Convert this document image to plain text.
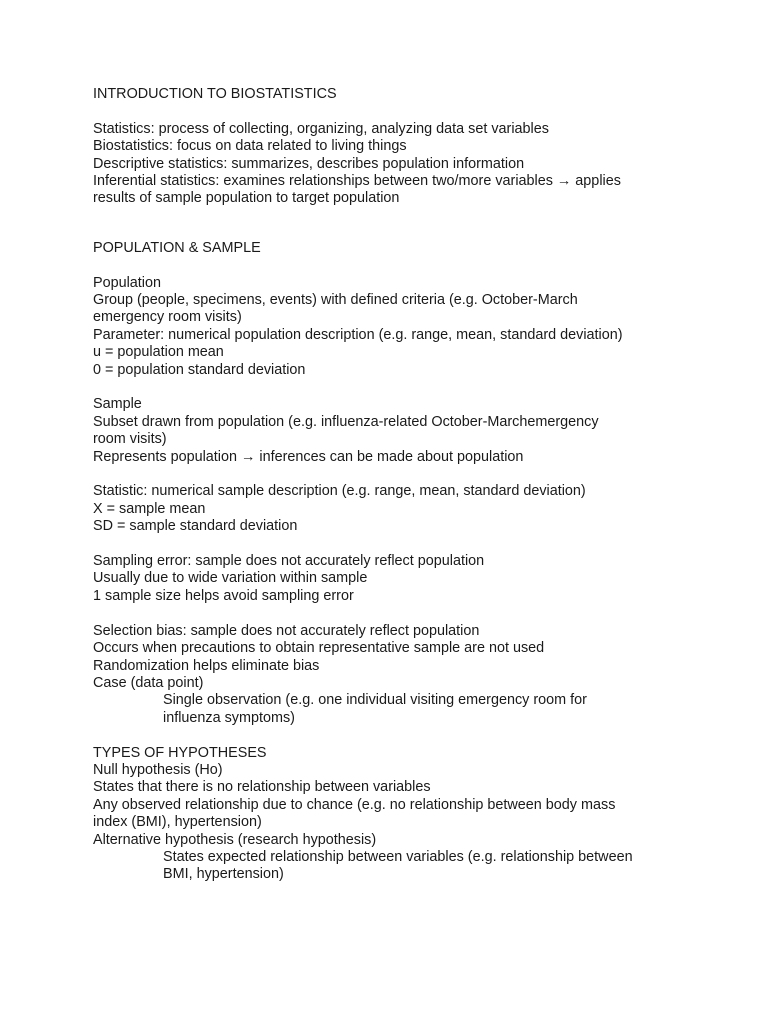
INTRODUCTION TO BIOSTATISTICS
Statistics: process of collecting, organizing, analyzing data set variables
Biostatistics: focus on data related to living things
Descriptive statistics: summarizes, describes population information
Inferential statistics: examines relationships between two/more variables → applies
results of sample population to target population
POPULATION & SAMPLE
Population
Group (people, specimens, events) with defined criteria (e.g. October-March
emergency room visits)
Parameter: numerical population description (e.g. range, mean, standard deviation)
u = population mean
0 = population standard deviation
Sample
Subset drawn from population (e.g. influenza-related October-Marchemergency
room visits)
Represents population → inferences can be made about population
Statistic: numerical sample description (e.g. range, mean, standard deviation)
X = sample mean
SD = sample standard deviation
Sampling error: sample does not accurately reflect population
Usually due to wide variation within sample
1 sample size helps avoid sampling error
Selection bias: sample does not accurately reflect population
Occurs when precautions to obtain representative sample are not used
Randomization helps eliminate bias
Case (data point)
Single observation (e.g. one individual visiting emergency room for
influenza symptoms)
TYPES OF HYPOTHESES
Null hypothesis (Ho)
States that there is no relationship between variables
Any observed relationship due to chance (e.g. no relationship between body mass
index (BMI), hypertension)
Alternative hypothesis (research hypothesis)
States expected relationship between variables (e.g. relationship between
BMI, hypertension)
